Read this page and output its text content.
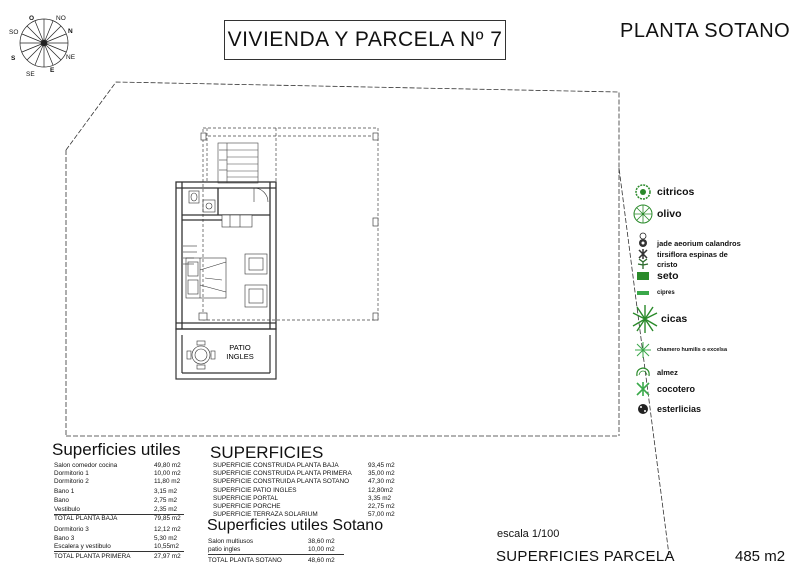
VIVIENDA Y PARCELA Nº 7	PLANTA SOTANO
NO
N
NE
E
SE
S
SO
O
PATIO
INGLES
citricos
olivo
jade aeorium calandros
tirsiflora espinas de
cristo
seto
cipres
cicas
chamero humilis o excelsa
almez
cocotero
esterlicias
Superficies utiles
Salon comedor cocina	49,80 m2
Dormitorio 1	10,00 m2
Dormitorio 2	11,80 m2
Bano 1	3,15 m2
Bano	2,75 m2
Vestibulo	2,35 m2
TOTAL PLANTA BAJA	79,85 m2
Dormitorio 3	12,12 m2
Bano 3	5,30 m2
Escalera y vestibulo	10,55m2
TOTAL PLANTA PRIMERA	27,97 m2
SUPERFICIES
SUPERFICIE CONSTRUIDA PLANTA BAJA	93,45 m2
SUPERFICIE CONSTRUIDA PLANTA PRIMERA	35,00 m2
SUPERFICIE CONSTRUIDA PLANTA SOTANO	47,30 m2
SUPERFICIE PATIO INGLES	12,80m2
SUPERFICIE PORTAL	3,35 m2
SUPERFICIE PORCHE	22,75 m2
SUPERFICIE TERRAZA SOLARIUM	57,00 m2
Superficies utiles Sotano
Salon multiusos	38,60 m2
patio ingles	10,00 m2
TOTAL PLANTA SOTANO	48,60 m2
escala 1/100
SUPERFICIES PARCELA	485 m2
